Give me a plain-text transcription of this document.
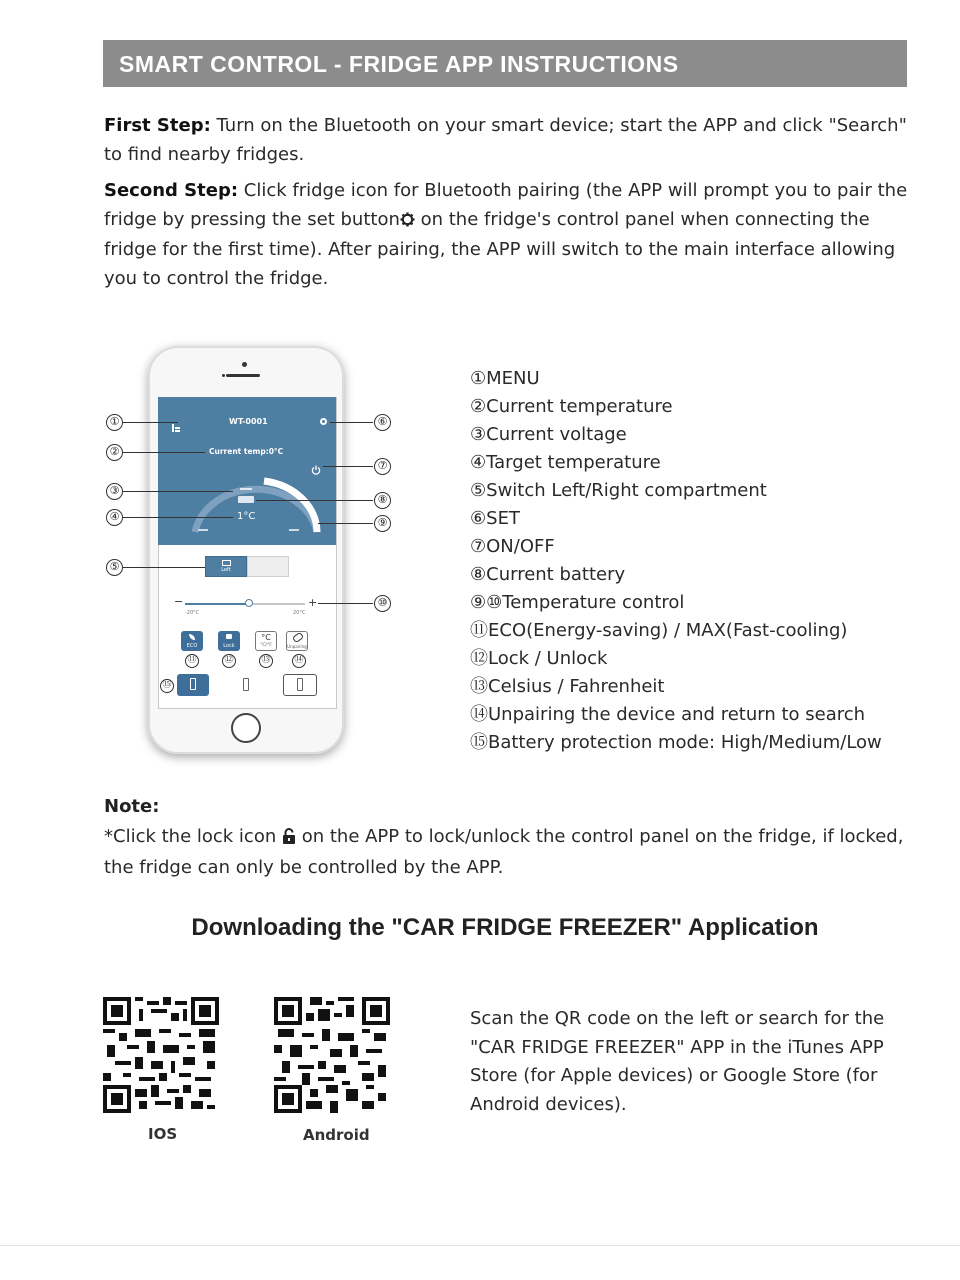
SMART CONTROL - FRIDGE APP INSTRUCTIONS
First Step: Turn on the Bluetooth on your smart device; start the APP and click "Search" to find nearby fridges.
Second Step: Click fridge icon for Bluetooth pairing (the APP will prompt you to pair the fridge by pressing the set button on the fridge's control panel when connecting the fridge for the first time). After pairing, the APP will switch to the main interface allowing you to control the fridge.
WT-0001
Current temp:0°C
1°C
Left
−	+
-20°C	20°C
ECO	Lock
°C
°C/°F	Unpairing
①
②
③
④
⑤
⑥
⑦
⑧
⑨
⑩
⑪	⑫	⑬	⑭
⑮
①MENU
②Current temperature
③Current voltage
④Target temperature
⑤Switch Left/Right compartment
⑥SET
⑦ON/OFF
⑧Current battery
⑨⑩Temperature control
⑪ECO(Energy-saving) / MAX(Fast-cooling)
⑫Lock / Unlock
⑬Celsius / Fahrenheit
⑭Unpairing the device and return to search
⑮Battery protection mode: High/Medium/Low
Note:
*Click the lock icon  on the APP to lock/unlock the control panel on the fridge, if locked, the fridge can only be controlled by the APP.
Downloading the "CAR FRIDGE FREEZER" Application
IOS	Android
Scan the QR code on the left or search for the "CAR FRIDGE FREEZER" APP in the iTunes APP Store (for Apple devices) or Google Store (for Android devices).
